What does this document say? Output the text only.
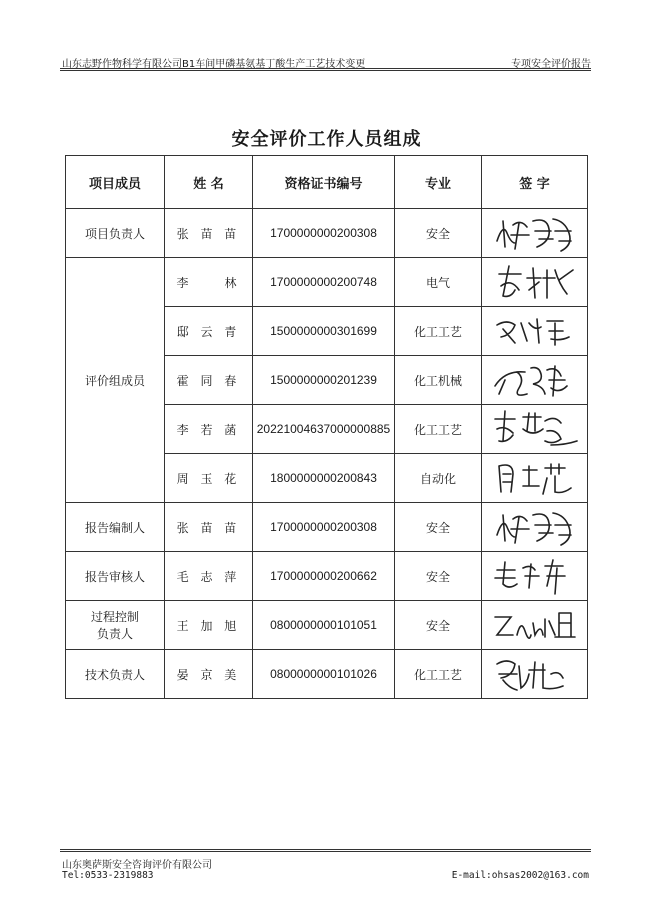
山东志野作物科学有限公司B1车间甲磷基氨基丁酸生产工艺技术变更	专项安全评价报告
安全评价工作人员组成
项目成员	姓 名	资格证书编号	专业	签 字
项目负责人	张 苗 苗	1700000000200308	安全	

评价组成员	李　　林	1700000000200748	电气	

	邸 云 青	1500000000301699	化工工艺	

	霍 同 春	1500000000201239	化工机械	

	李 若 菡	20221004637000000885	化工工艺	

	周 玉 花	1800000000200843	自动化	

报告编制人	张 苗 苗	1700000000200308	安全	

报告审核人	毛 志 萍	1700000000200662	安全	

过程控制
负责人	王 加 旭	0800000000101051	安全	

技术负责人	晏 京 美	0800000000101026	化工工艺	
山东奥萨斯安全咨询评价有限公司
Tel:0533-2319883	E-mail:ohsas2002@163.com
